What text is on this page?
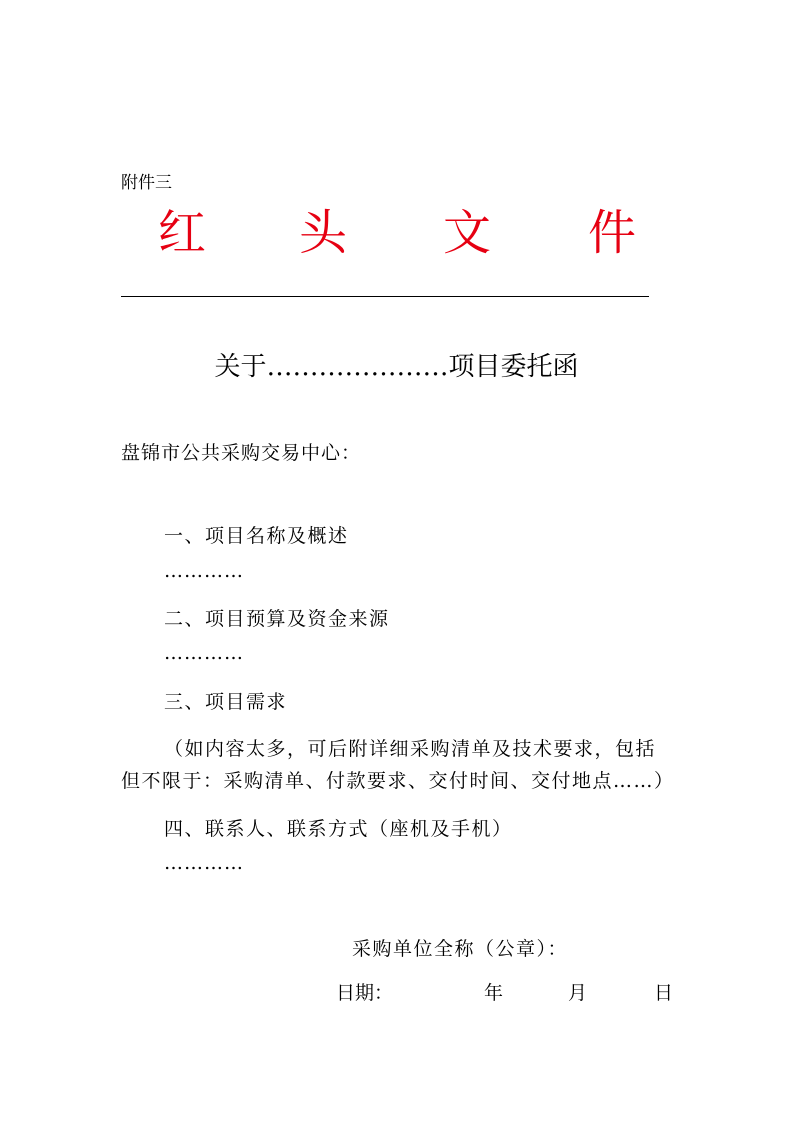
附件三
红 头 文 件
关于…………………项目委托函
盘锦市公共采购交易中心：
一、项目名称及概述
…………
二、项目预算及资金来源
…………
三、项目需求
（如内容太多，可后附详细采购清单及技术要求，包括
但不限于：采购清单、付款要求、交付时间、交付地点……）
四、联系人、联系方式（座机及手机）
…………
采购单位全称（公章）：
日期：	年	月	日
